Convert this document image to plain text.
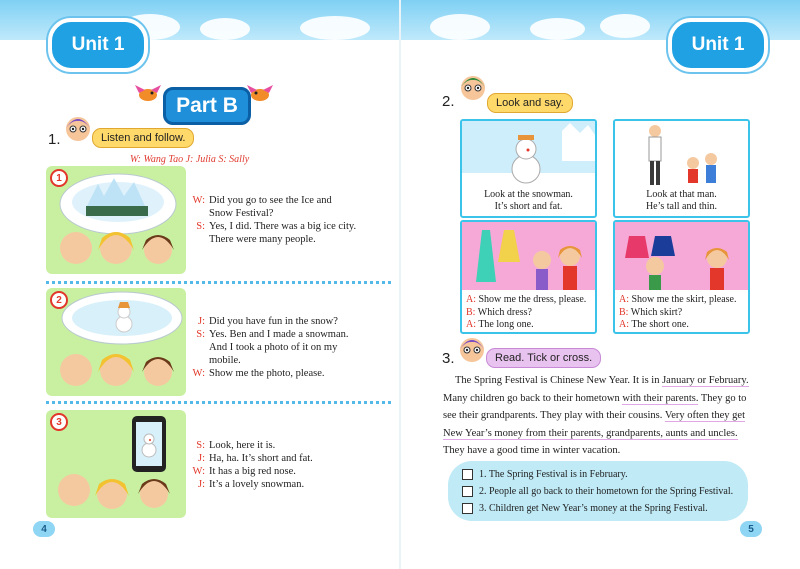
Unit 1	Unit 1
Part B
1.	Listen and follow.
W: Wang Tao J: Julia S: Sally
1
W: Did you go to see the Ice and
Snow Festival?
S: Yes, I did. There was a big ice city.
There were many people.
2
J: Did you have fun in the snow?
S: Yes. Ben and I made a snowman.
And I took a photo of it on my
mobile.
W: Show me the photo, please.
3
S: Look, here it is.
J: Ha, ha. It’s short and fat.
W: It has a big red nose.
J: It’s a lovely snowman.
4
2.	Look and say.
Look at the snowman.
It’s short and fat.
Look at that man.
He’s tall and thin.
A: Show me the dress, please.
B: Which dress?
A: The long one.
A: Show me the skirt, please.
B: Which skirt?
A: The short one.
3.	Read. Tick or cross.
The Spring Festival is Chinese New Year. It is in January or February. Many children go back to their hometown with their parents. They go to see their grandparents. They play with their cousins. Very often they get New Year’s money from their parents, grandparents, aunts and uncles. They have a good time in winter vacation.
1. The Spring Festival is in February.
2. People all go back to their hometown for the Spring Festival.
3. Children get New Year’s money at the Spring Festival.
5
